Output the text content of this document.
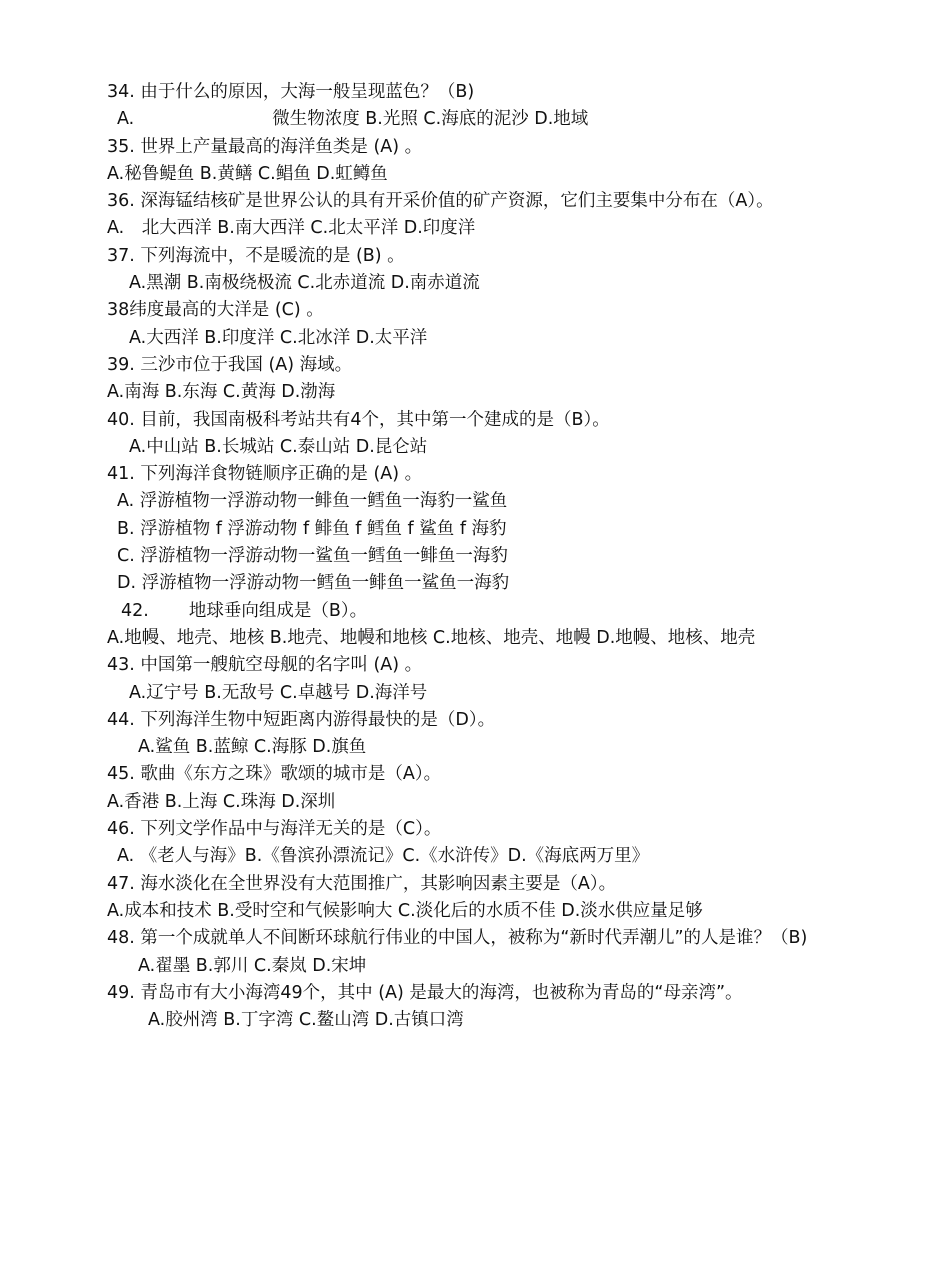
34. 由于什么的原因，大海一般呈现蓝色？（B)
A.	微生物浓度 B.光照 C.海底的泥沙 D.地域
35. 世界上产量最高的海洋鱼类是 (A) 。
A.秘鲁鳀鱼 B.黄鳝 C.鲳鱼 D.虹鳟鱼
36. 深海锰结核矿是世界公认的具有开采价值的矿产资源，它们主要集中分布在（A）。
A.　北大西洋 B.南大西洋 C.北太平洋 D.印度洋
37. 下列海流中，不是暖流的是 (B) 。
A.黑潮 B.南极绕极流 C.北赤道流 D.南赤道流
38纬度最高的大洋是 (C) 。
A.大西洋 B.印度洋 C.北冰洋 D.太平洋
39. 三沙市位于我国 (A) 海域。
A.南海 B.东海 C.黄海 D.渤海
40. 目前，我国南极科考站共有4个，其中第一个建成的是（B）。
A.中山站 B.长城站 C.泰山站 D.昆仑站
41. 下列海洋食物链顺序正确的是 (A) 。
A. 浮游植物一浮游动物一鲱鱼一鳕鱼一海豹一鲨鱼
B. 浮游植物 f 浮游动物 f 鲱鱼 f 鳕鱼 f 鲨鱼 f 海豹
C. 浮游植物一浮游动物一鲨鱼一鳕鱼一鲱鱼一海豹
D. 浮游植物一浮游动物一鳕鱼一鲱鱼一鲨鱼一海豹
42. 地球垂向组成是（B）。
A.地幔、地壳、地核 B.地壳、地幔和地核 C.地核、地壳、地幔 D.地幔、地核、地壳
43. 中国第一艘航空母舰的名字叫 (A) 。
A.辽宁号 B.无敌号 C.卓越号 D.海洋号
44. 下列海洋生物中短距离内游得最快的是（D）。
A.鲨鱼 B.蓝鲸 C.海豚 D.旗鱼
45. 歌曲《东方之珠》歌颂的城市是（A）。
A.香港 B.上海 C.珠海 D.深圳
46. 下列文学作品中与海洋无关的是（C）。
A. 《老人与海》B.《鲁滨孙漂流记》C.《水浒传》D.《海底两万里》
47. 海水淡化在全世界没有大范围推广，其影响因素主要是（A）。
A.成本和技术 B.受时空和气候影响大 C.淡化后的水质不佳 D.淡水供应量足够
48. 第一个成就单人不间断环球航行伟业的中国人，被称为“新时代弄潮儿”的人是谁？（B)
A.翟墨 B.郭川 C.秦岚 D.宋坤
49. 青岛市有大小海湾49个，其中 (A) 是最大的海湾，也被称为青岛的“母亲湾”。
A.胶州湾 B.丁字湾 C.鳌山湾 D.古镇口湾
